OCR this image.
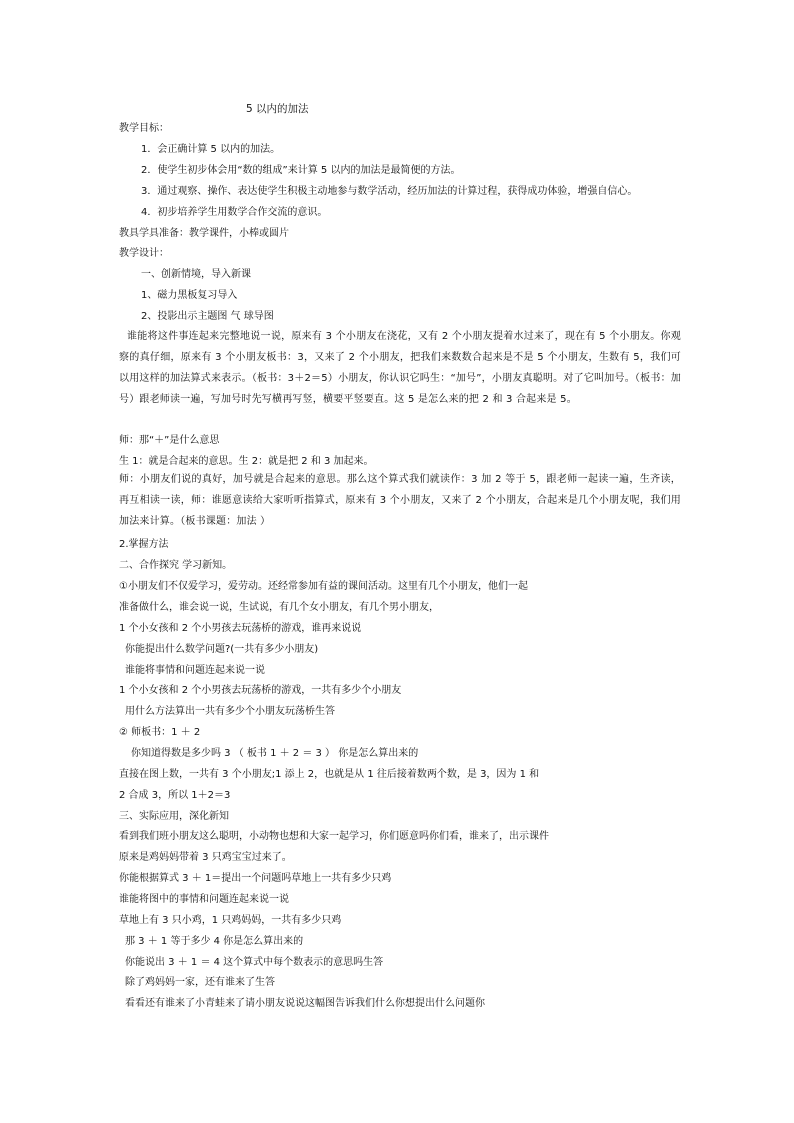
5 以内的加法
教学目标：
1．会正确计算 5 以内的加法。
2．使学生初步体会用“数的组成”来计算 5 以内的加法是最简便的方法。
3．通过观察、操作、表达使学生积极主动地参与数学活动，经历加法的计算过程，获得成功体验，增强自信心。
4．初步培养学生用数学合作交流的意识。
教具学具准备：教学课件，小棒或圆片
教学设计：
一、创新情境，导入新课
1、磁力黑板复习导入
2、投影出示主题图 气 球导图
谁能将这件事连起来完整地说一说，原来有 3 个小朋友在浇花，又有 2 个小朋友提着水过来了，现在有 5 个小朋友。你观察的真仔细，原来有 3 个小朋友板书：3，又来了 2 个小朋友，把我们来数数合起来是不是 5 个小朋友，生数有 5，我们可以用这样的加法算式来表示。（板书：3＋2＝5）小朋友，你认识它吗生：“加号”，小朋友真聪明。对了它叫加号。（板书：加号）跟老师读一遍，写加号时先写横再写竖，横要平竖要直。这 5 是怎么来的把 2 和 3 合起来是 5。
师：那“＋”是什么意思
生 1：就是合起来的意思。生 2：就是把 2 和 3 加起来。
师：小朋友们说的真好，加号就是合起来的意思。那么这个算式我们就读作：3 加 2 等于 5，跟老师一起读一遍，生齐读，再互相读一读，师：谁愿意读给大家听听指算式，原来有 3 个小朋友，又来了 2 个小朋友，合起来是几个小朋友呢，我们用加法来计算。（板书课题：加法 ）
2.掌握方法
二、合作探究 学习新知。
①小朋友们不仅爱学习，爱劳动。还经常参加有益的课间活动。这里有几个小朋友，他们一起
准备做什么，谁会说一说，生试说，有几个女小朋友，有几个男小朋友，
1 个小女孩和 2 个小男孩去玩荡桥的游戏，谁再来说说
你能提出什么数学问题?(一共有多少小朋友)
谁能将事情和问题连起来说一说
1 个小女孩和 2 个小男孩去玩荡桥的游戏，一共有多少个小朋友
用什么方法算出一共有多少个小朋友玩荡桥生答
② 师板书：1 ＋ 2
你知道得数是多少吗 3 （ 板书 1 ＋ 2 ＝ 3 ） 你是怎么算出来的
直接在图上数，一共有 3 个小朋友;1 添上 2，也就是从 1 往后接着数两个数，是 3，因为 1 和
2 合成 3，所以 1＋2＝3
三、实际应用，深化新知
看到我们班小朋友这么聪明，小动物也想和大家一起学习，你们愿意吗你们看，谁来了，出示课件
原来是鸡妈妈带着 3 只鸡宝宝过来了。
你能根据算式 3 ＋ 1＝提出一个问题吗草地上一共有多少只鸡
谁能将图中的事情和问题连起来说一说
草地上有 3 只小鸡，1 只鸡妈妈，一共有多少只鸡
那 3 ＋ 1 等于多少 4 你是怎么算出来的
你能说出 3 ＋ 1 ＝ 4 这个算式中每个数表示的意思吗生答
除了鸡妈妈一家，还有谁来了生答
看看还有谁来了小青蛙来了请小朋友说说这幅图告诉我们什么你想提出什么问题你
